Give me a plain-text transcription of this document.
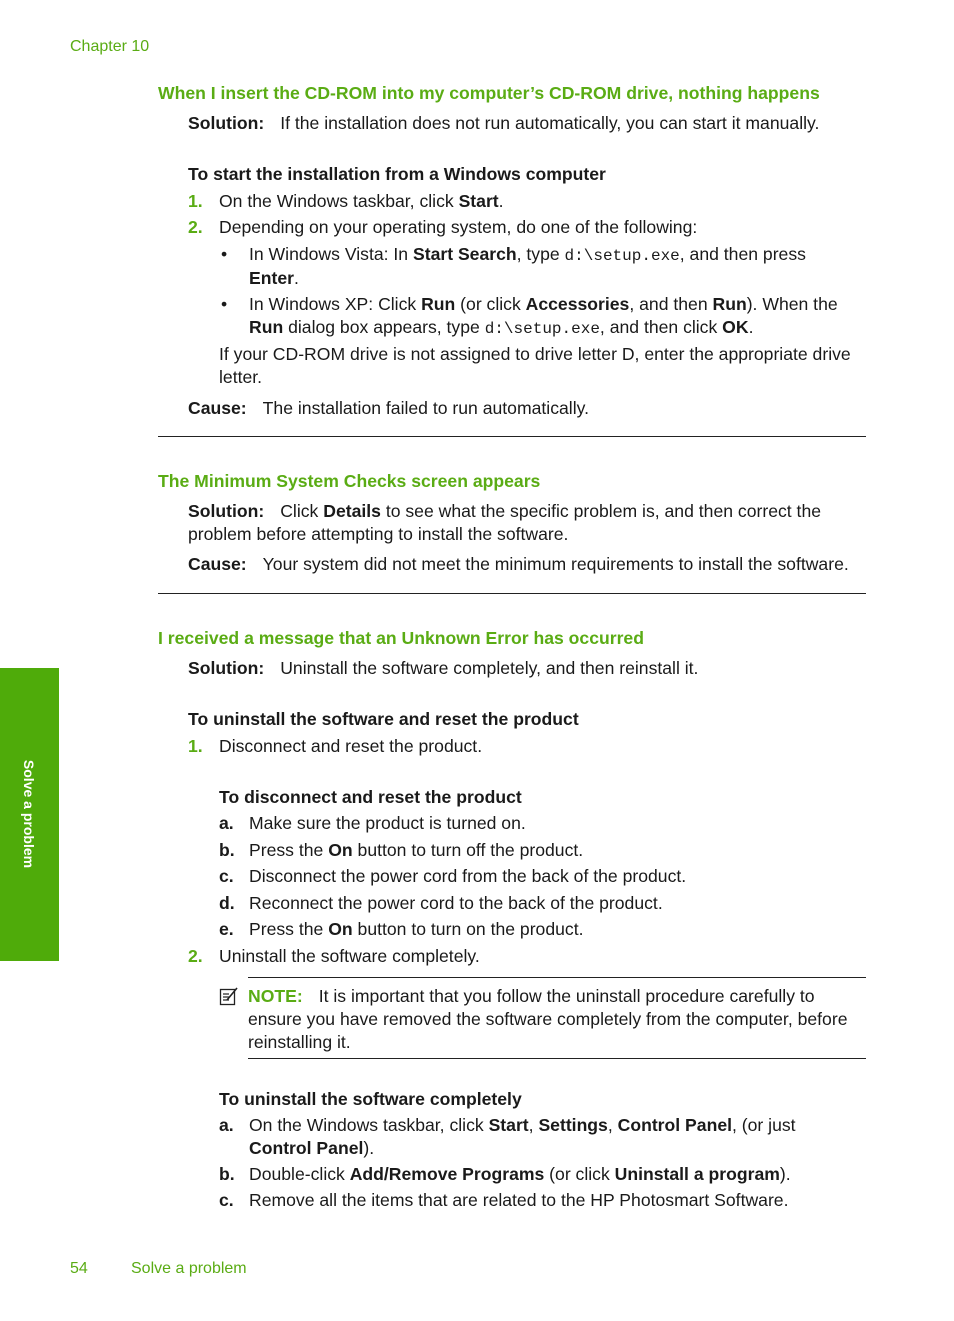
Chapter 10
Solve a problem
When I insert the CD-ROM into my computer’s CD-ROM drive, nothing happens
Solution: If the installation does not run automatically, you can start it manually.
To start the installation from a Windows computer
1. On the Windows taskbar, click Start.
2. Depending on your operating system, do one of the following:
• In Windows Vista: In Start Search, type d:\setup.exe, and then press
Enter.
• In Windows XP: Click Run (or click Accessories, and then Run). When the
Run dialog box appears, type d:\setup.exe, and then click OK.
If your CD-ROM drive is not assigned to drive letter D, enter the appropriate drive
letter.
Cause: The installation failed to run automatically.
The Minimum System Checks screen appears
Solution: Click Details to see what the specific problem is, and then correct the
problem before attempting to install the software.
Cause: Your system did not meet the minimum requirements to install the software.
I received a message that an Unknown Error has occurred
Solution: Uninstall the software completely, and then reinstall it.
To uninstall the software and reset the product
1. Disconnect and reset the product.
To disconnect and reset the product
a. Make sure the product is turned on.
b. Press the On button to turn off the product.
c. Disconnect the power cord from the back of the product.
d. Reconnect the power cord to the back of the product.
e. Press the On button to turn on the product.
2. Uninstall the software completely.
NOTE: It is important that you follow the uninstall procedure carefully to
ensure you have removed the software completely from the computer, before
reinstalling it.
To uninstall the software completely
a. On the Windows taskbar, click Start, Settings, Control Panel, (or just
Control Panel).
b. Double-click Add/Remove Programs (or click Uninstall a program).
c. Remove all the items that are related to the HP Photosmart Software.
54	Solve a problem
